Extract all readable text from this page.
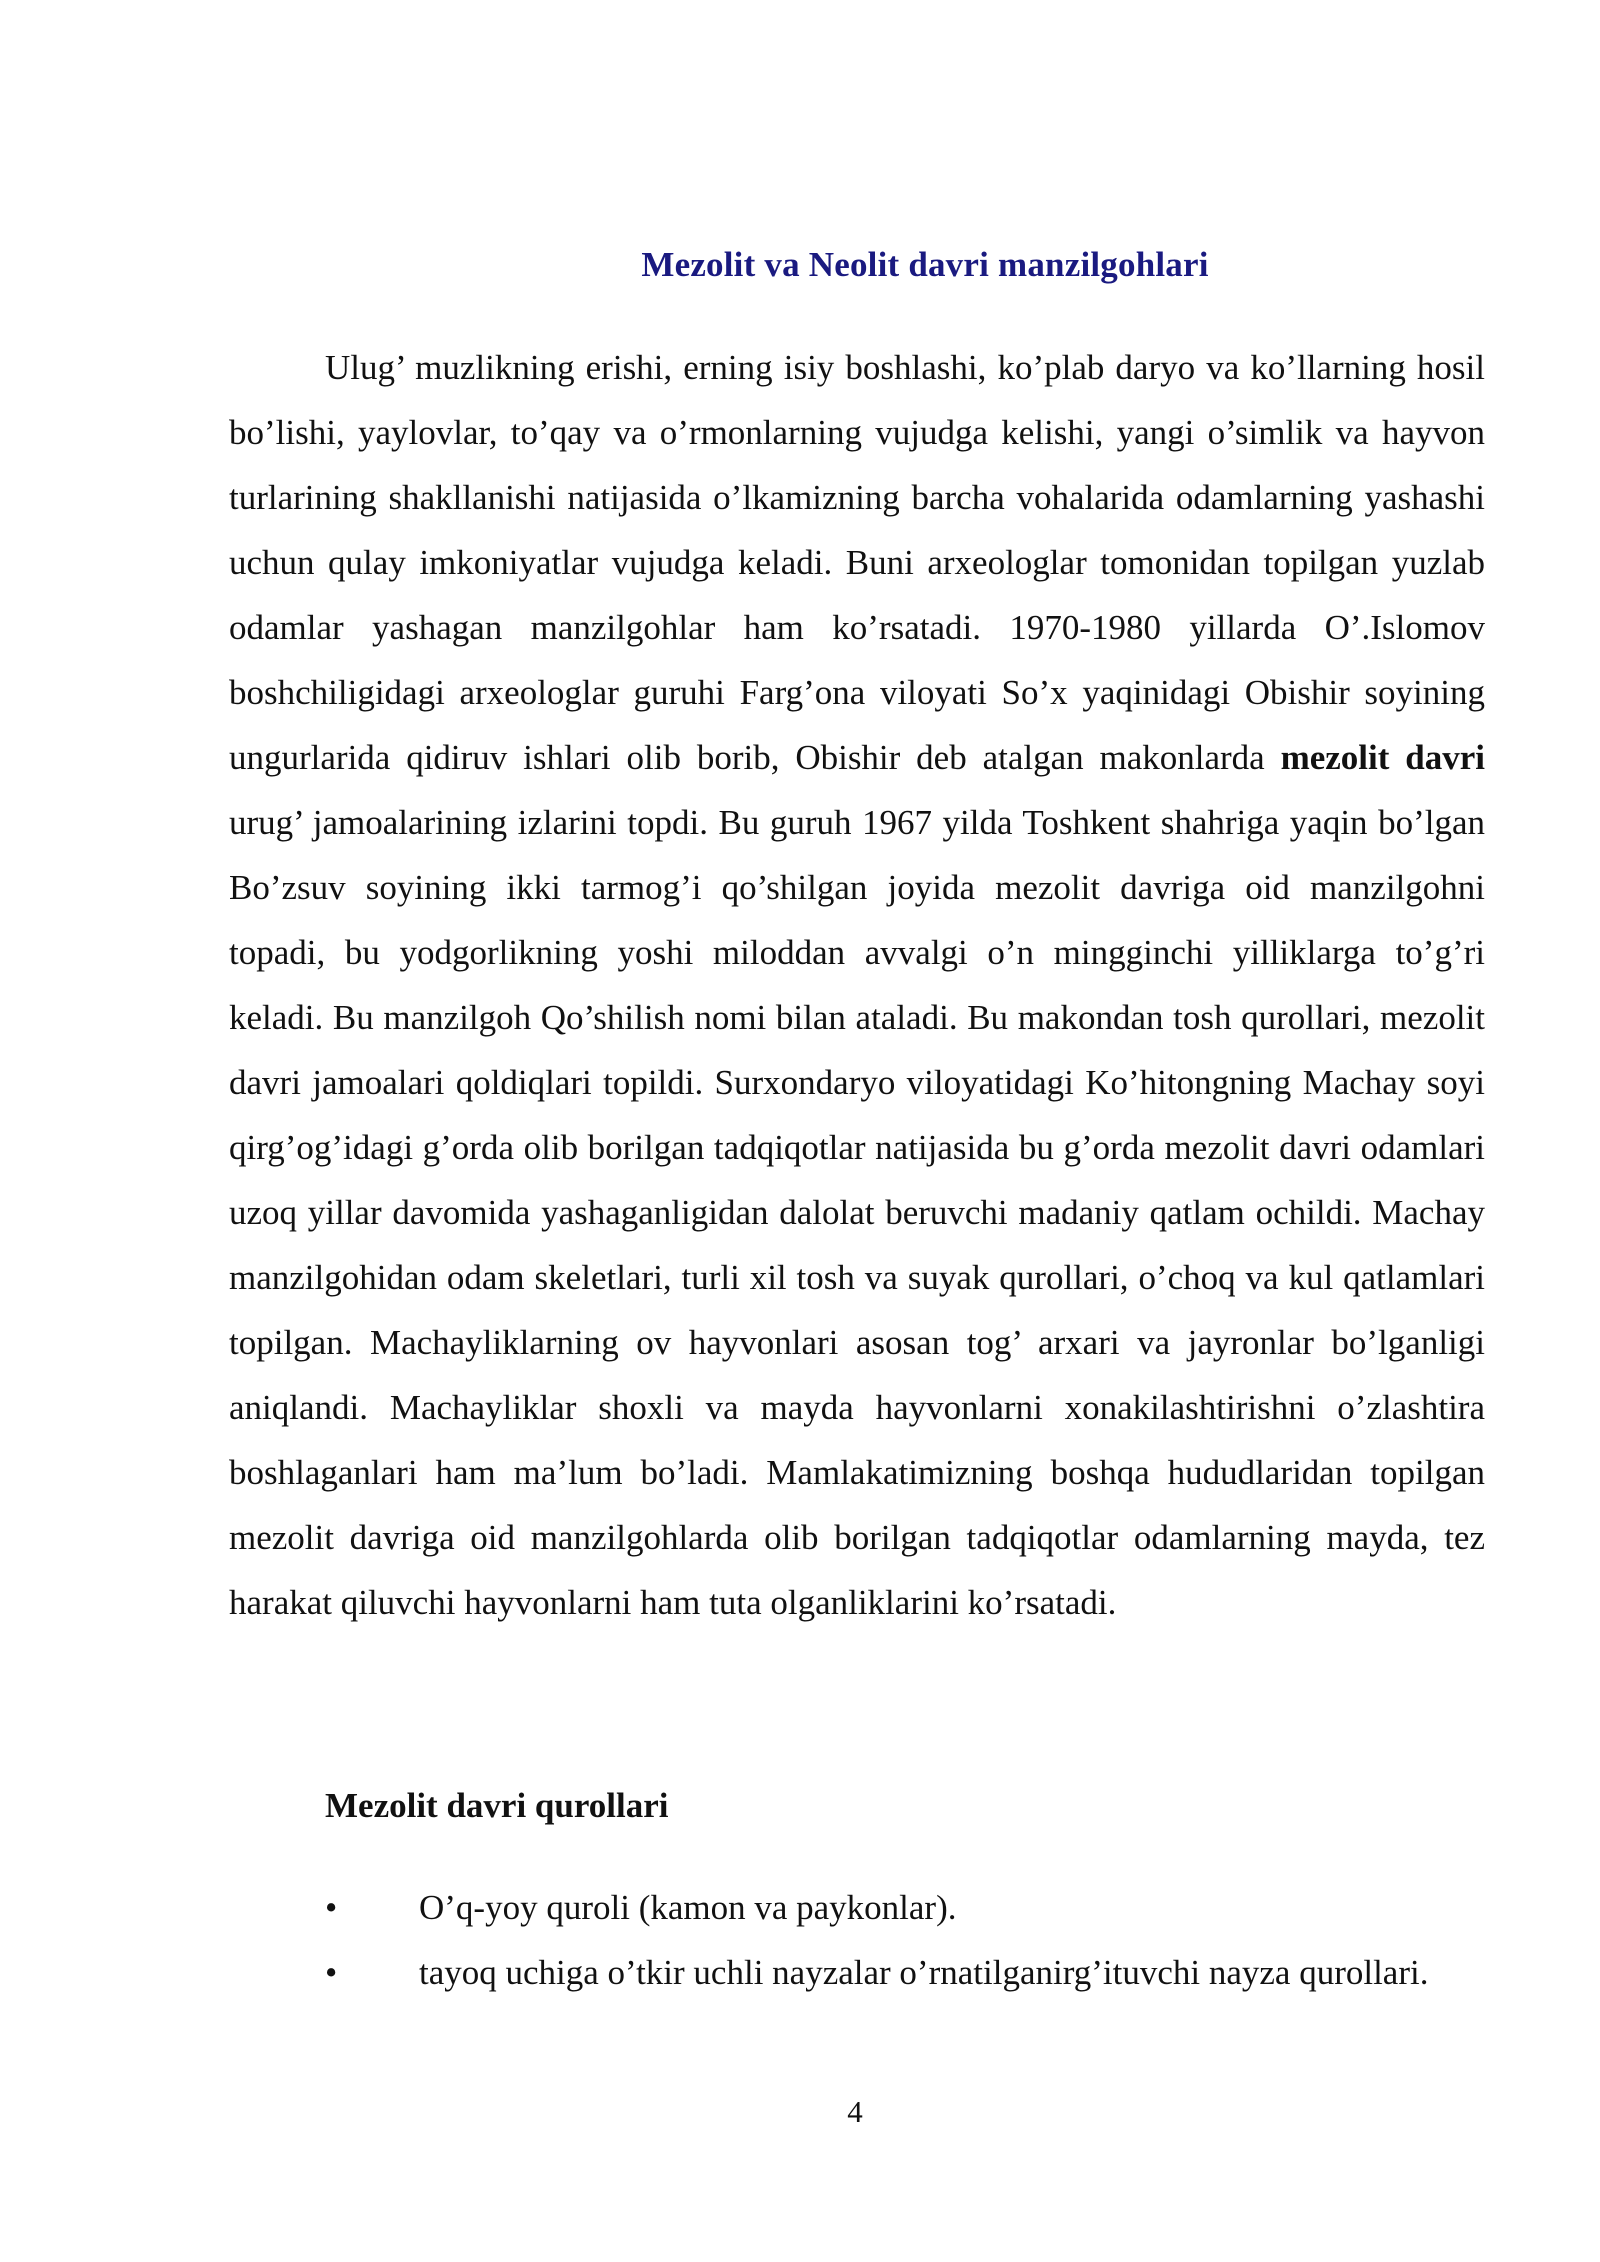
Mezolit va Neolit davri manzilgohlari

Ulug’ muzlikning erishi, erning isiy boshlashi, ko’plab daryo va ko’llarning hosil bo’lishi, yaylovlar, to’qay va o’rmonlarning vujudga kelishi, yangi o’simlik va hayvon turlarining shakllanishi natijasida o’lkamizning barcha vohalarida odamlarning yashashi uchun qulay imkoniyatlar vujudga keladi. Buni arxeologlar tomonidan topilgan yuzlab odamlar yashagan manzilgohlar ham ko’rsatadi. 1970-1980 yillarda O’.Islomov boshchiligidagi arxeologlar guruhi Farg’ona viloyati So’x yaqinidagi Obishir soyining ungurlarida qidiruv ishlari olib borib, Obishir deb atalgan makonlarda mezolit davri urug’ jamoalarining izlarini topdi. Bu guruh 1967 yilda Toshkent shahriga yaqin bo’lgan Bo’zsuv soyining ikki tarmog’i qo’shilgan joyida mezolit davriga oid manzilgohni topadi, bu yodgorlikning yoshi miloddan avvalgi o’n mingginchi yilliklarga to’g’ri keladi. Bu manzilgoh Qo’shilish nomi bilan ataladi. Bu makondan tosh qurollari, mezolit davri jamoalari qoldiqlari topildi. Surxondaryo viloyatidagi Ko’hitongning Machay soyi qirg’og’idagi g’orda olib borilgan tadqiqotlar natijasida bu g’orda mezolit davri odamlari uzoq yillar davomida yashaganligidan dalolat beruvchi madaniy qatlam ochildi. Machay manzilgohidan odam skeletlari, turli xil tosh va suyak qurollari, o’choq va kul qatlamlari topilgan. Machayliklarning ov hayvonlari asosan tog’ arxari va jayronlar bo’lganligi aniqlandi. Machayliklar shoxli va mayda hayvonlarni xonakilashtirishni o’zlashtira boshlaganlari ham ma’lum bo’ladi. Mamlakatimizning boshqa hududlaridan topilgan mezolit davriga oid manzilgohlarda olib borilgan tadqiqotlar odamlarning mayda, tez harakat qiluvchi hayvonlarni ham tuta olganliklarini ko’rsatadi.

Mezolit davri qurollari

•	O’q-yoy quroli (kamon va paykonlar).
•	tayoq uchiga o’tkir uchli nayzalar o’rnatilganirg’ituvchi nayza qurollari.
4
